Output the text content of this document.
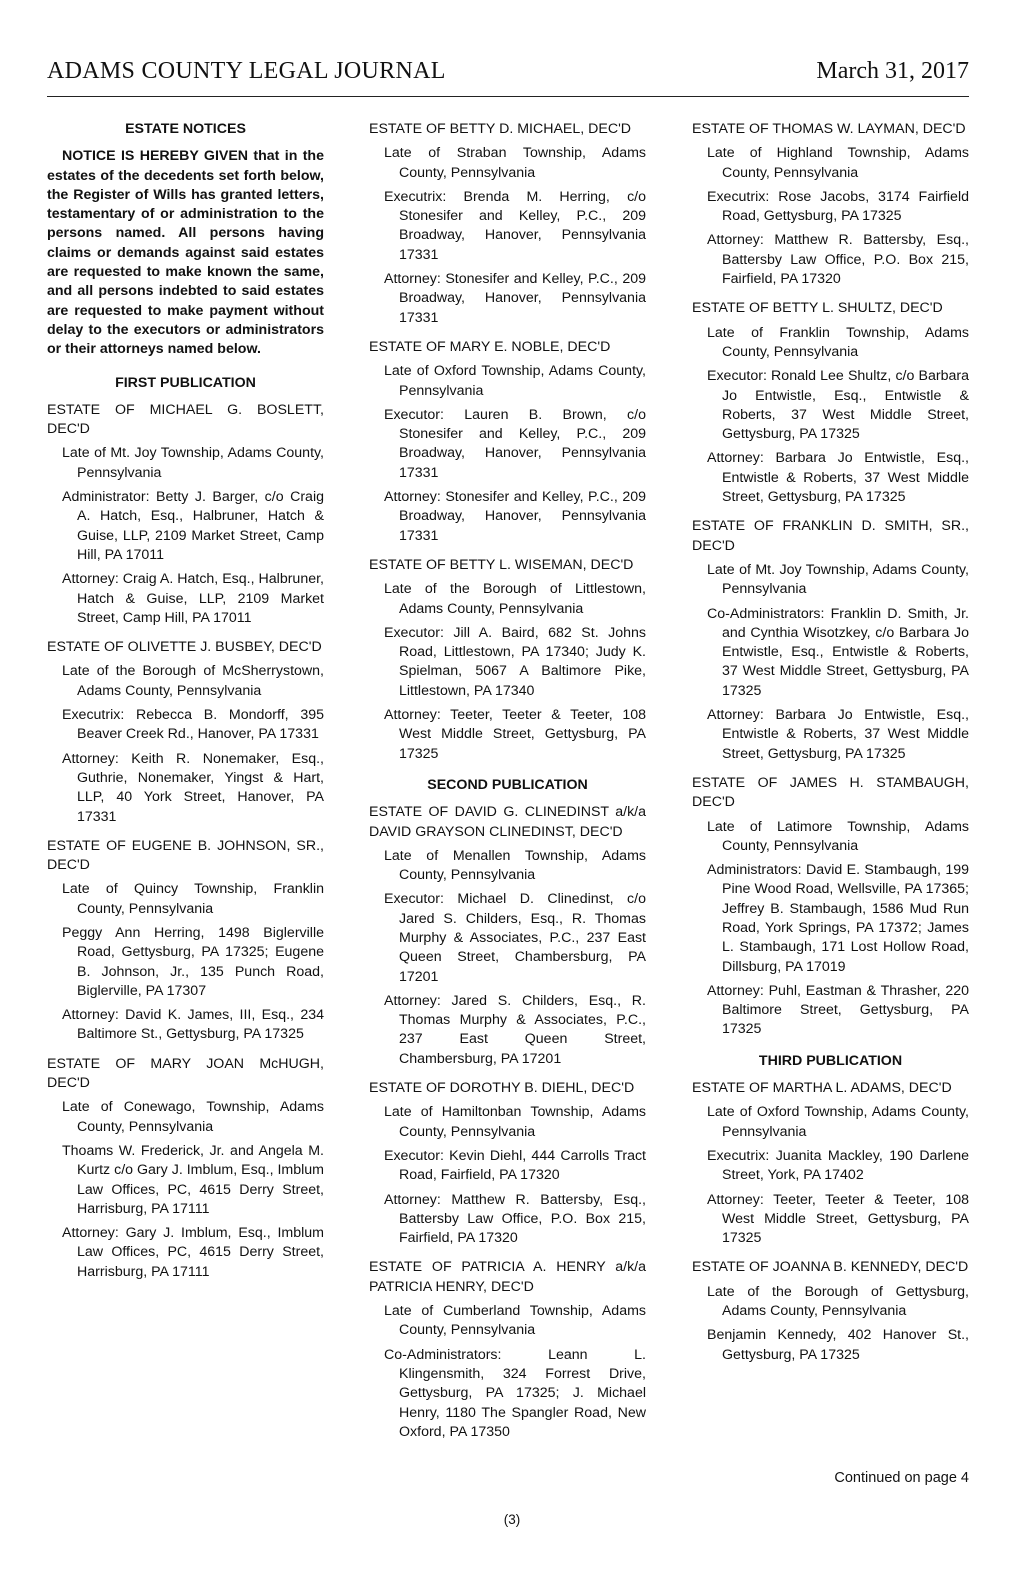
ADAMS COUNTY LEGAL JOURNAL	March 31, 2017
ESTATE NOTICES

NOTICE IS HEREBY GIVEN that in the estates of the decedents set forth below, the Register of Wills has granted letters, testamentary of or administration to the persons named. All persons having claims or demands against said estates are requested to make known the same, and all persons indebted to said estates are requested to make payment without delay to the executors or administrators or their attorneys named below.

FIRST PUBLICATION

ESTATE OF MICHAEL G. BOSLETT, DEC'D

Late of Mt. Joy Township, Adams County, Pennsylvania

Administrator: Betty J. Barger, c/o Craig A. Hatch, Esq., Halbruner, Hatch & Guise, LLP, 2109 Market Street, Camp Hill, PA 17011

Attorney: Craig A. Hatch, Esq., Halbruner, Hatch & Guise, LLP, 2109 Market Street, Camp Hill, PA 17011

ESTATE OF OLIVETTE J. BUSBEY, DEC'D

Late of the Borough of McSherrystown, Adams County, Pennsylvania

Executrix: Rebecca B. Mondorff, 395 Beaver Creek Rd., Hanover, PA 17331

Attorney: Keith R. Nonemaker, Esq., Guthrie, Nonemaker, Yingst & Hart, LLP, 40 York Street, Hanover, PA 17331

ESTATE OF EUGENE B. JOHNSON, SR., DEC'D

Late of Quincy Township, Franklin County, Pennsylvania

Peggy Ann Herring, 1498 Biglerville Road, Gettysburg, PA 17325; Eugene B. Johnson, Jr., 135 Punch Road, Biglerville, PA 17307

Attorney: David K. James, III, Esq., 234 Baltimore St., Gettysburg, PA 17325

ESTATE OF MARY JOAN McHUGH, DEC'D

Late of Conewago, Township, Adams County, Pennsylvania

Thoams W. Frederick, Jr. and Angela M. Kurtz c/o Gary J. Imblum, Esq., Imblum Law Offices, PC, 4615 Derry Street, Harrisburg, PA 17111

Attorney: Gary J. Imblum, Esq., Imblum Law Offices, PC, 4615 Derry Street, Harrisburg, PA 17111

ESTATE OF BETTY D. MICHAEL, DEC'D

Late of Straban Township, Adams County, Pennsylvania

Executrix: Brenda M. Herring, c/o Stonesifer and Kelley, P.C., 209 Broadway, Hanover, Pennsylvania 17331

Attorney: Stonesifer and Kelley, P.C., 209 Broadway, Hanover, Pennsylvania 17331

ESTATE OF MARY E. NOBLE, DEC'D

Late of Oxford Township, Adams County, Pennsylvania

Executor: Lauren B. Brown, c/o Stonesifer and Kelley, P.C., 209 Broadway, Hanover, Pennsylvania 17331

Attorney: Stonesifer and Kelley, P.C., 209 Broadway, Hanover, Pennsylvania 17331

ESTATE OF BETTY L. WISEMAN, DEC'D

Late of the Borough of Littlestown, Adams County, Pennsylvania

Executor: Jill A. Baird, 682 St. Johns Road, Littlestown, PA 17340; Judy K. Spielman, 5067 A Baltimore Pike, Littlestown, PA 17340

Attorney: Teeter, Teeter & Teeter, 108 West Middle Street, Gettysburg, PA 17325

SECOND PUBLICATION

ESTATE OF DAVID G. CLINEDINST a/k/a DAVID GRAYSON CLINEDINST, DEC'D

Late of Menallen Township, Adams County, Pennsylvania

Executor: Michael D. Clinedinst, c/o Jared S. Childers, Esq., R. Thomas Murphy & Associates, P.C., 237 East Queen Street, Chambersburg, PA 17201

Attorney: Jared S. Childers, Esq., R. Thomas Murphy & Associates, P.C., 237 East Queen Street, Chambersburg, PA 17201

ESTATE OF DOROTHY B. DIEHL, DEC'D

Late of Hamiltonban Township, Adams County, Pennsylvania

Executor: Kevin Diehl, 444 Carrolls Tract Road, Fairfield, PA 17320

Attorney: Matthew R. Battersby, Esq., Battersby Law Office, P.O. Box 215, Fairfield, PA 17320

ESTATE OF PATRICIA A. HENRY a/k/a PATRICIA HENRY, DEC'D

Late of Cumberland Township, Adams County, Pennsylvania

Co-Administrators: Leann L. Klingensmith, 324 Forrest Drive, Gettysburg, PA 17325; J. Michael Henry, 1180 The Spangler Road, New Oxford, PA 17350

ESTATE OF THOMAS W. LAYMAN, DEC'D

Late of Highland Township, Adams County, Pennsylvania

Executrix: Rose Jacobs, 3174 Fairfield Road, Gettysburg, PA 17325

Attorney: Matthew R. Battersby, Esq., Battersby Law Office, P.O. Box 215, Fairfield, PA 17320

ESTATE OF BETTY L. SHULTZ, DEC'D

Late of Franklin Township, Adams County, Pennsylvania

Executor: Ronald Lee Shultz, c/o Barbara Jo Entwistle, Esq., Entwistle & Roberts, 37 West Middle Street, Gettysburg, PA 17325

Attorney: Barbara Jo Entwistle, Esq., Entwistle & Roberts, 37 West Middle Street, Gettysburg, PA 17325

ESTATE OF FRANKLIN D. SMITH, SR., DEC'D

Late of Mt. Joy Township, Adams County, Pennsylvania

Co-Administrators: Franklin D. Smith, Jr. and Cynthia Wisotzkey, c/o Barbara Jo Entwistle, Esq., Entwistle & Roberts, 37 West Middle Street, Gettysburg, PA 17325

Attorney: Barbara Jo Entwistle, Esq., Entwistle & Roberts, 37 West Middle Street, Gettysburg, PA 17325

ESTATE OF JAMES H. STAMBAUGH, DEC'D

Late of Latimore Township, Adams County, Pennsylvania

Administrators: David E. Stambaugh, 199 Pine Wood Road, Wellsville, PA 17365; Jeffrey B. Stambaugh, 1586 Mud Run Road, York Springs, PA 17372; James L. Stambaugh, 171 Lost Hollow Road, Dillsburg, PA 17019

Attorney: Puhl, Eastman & Thrasher, 220 Baltimore Street, Gettysburg, PA 17325

THIRD PUBLICATION

ESTATE OF MARTHA L. ADAMS, DEC'D

Late of Oxford Township, Adams County, Pennsylvania

Executrix: Juanita Mackley, 190 Darlene Street, York, PA 17402

Attorney: Teeter, Teeter & Teeter, 108 West Middle Street, Gettysburg, PA 17325

ESTATE OF JOANNA B. KENNEDY, DEC'D

Late of the Borough of Gettysburg, Adams County, Pennsylvania

Benjamin Kennedy, 402 Hanover St., Gettysburg, PA 17325

Continued on page 4
(3)
